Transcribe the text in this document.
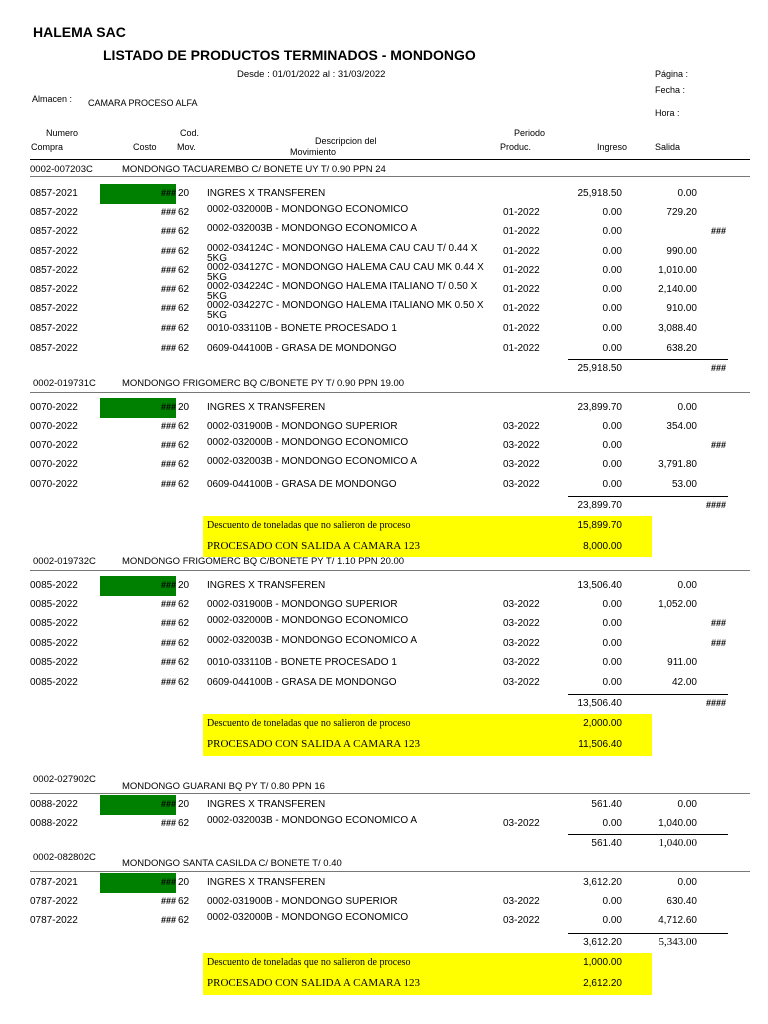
HALEMA SAC
LISTADO DE PRODUCTOS TERMINADOS - MONDONGO
Desde : 01/01/2022 al : 31/03/2022	Página :
Fecha :
Hora :
Almacen : CAMARA PROCESO ALFA
Numero
Compra	Costo
Cod.
Mov.
Descripcion del
Movimiento
Periodo
Produc.	Ingreso	Salida
0002-007203C	MONDONGO TACUAREMBO C/ BONETE UY T/ 0.90 PPN 24
0857-2021	### 20 INGRES X TRANSFEREN	25,918.50	0.00
0857-2022	### 62 0002-032000B - MONDONGO ECONOMICO	01-2022	0.00	729.20
0857-2022	### 62 0002-032003B - MONDONGO ECONOMICO A	01-2022	0.00	###
0857-2022	### 62 0002-034124C - MONDONGO HALEMA CAU CAU T/ 0.44 X 5KG
01-2022	0.00	990.00
0857-2022	### 62 0002-034127C - MONDONGO HALEMA CAU CAU MK 0.44 X 5KG
01-2022	0.00	1,010.00
0857-2022	### 62 0002-034224C - MONDONGO HALEMA ITALIANO T/ 0.50 X 5KG
01-2022	0.00	2,140.00
0857-2022	### 62 0002-034227C - MONDONGO HALEMA ITALIANO MK 0.50 X 5KG
01-2022	0.00	910.00
0857-2022	### 62 0010-033110B - BONETE PROCESADO 1	01-2022	0.00	3,088.40
0857-2022	### 62 0609-044100B - GRASA DE MONDONGO	01-2022	0.00	638.20
25,918.50	###
0002-019731C	MONDONGO FRIGOMERC BQ C/BONETE PY T/ 0.90 PPN 19.00
0070-2022	### 20 INGRES X TRANSFEREN	23,899.70	0.00
0070-2022	### 62 0002-031900B - MONDONGO SUPERIOR	03-2022	0.00	354.00
0070-2022	### 62 0002-032000B - MONDONGO ECONOMICO	03-2022	0.00	###
0070-2022	### 62 0002-032003B - MONDONGO ECONOMICO A	03-2022	0.00	3,791.80
0070-2022	### 62 0609-044100B - GRASA DE MONDONGO	03-2022	0.00	53.00
23,899.70	####
Descuento de toneladas que no salieron de proceso	15,899.70
PROCESADO CON SALIDA A CAMARA 123	8,000.00
0002-019732C	MONDONGO FRIGOMERC BQ C/BONETE PY T/ 1.10 PPN 20.00
0085-2022	### 20 INGRES X TRANSFEREN	13,506.40	0.00
0085-2022	### 62 0002-031900B - MONDONGO SUPERIOR	03-2022	0.00	1,052.00
0085-2022	### 62 0002-032000B - MONDONGO ECONOMICO	03-2022	0.00	###
0085-2022	### 62 0002-032003B - MONDONGO ECONOMICO A	03-2022	0.00	###
0085-2022	### 62 0010-033110B - BONETE PROCESADO 1	03-2022	0.00	911.00
0085-2022	### 62 0609-044100B - GRASA DE MONDONGO	03-2022	0.00	42.00
13,506.40	####
Descuento de toneladas que no salieron de proceso	2,000.00
PROCESADO CON SALIDA A CAMARA 123	11,506.40
0002-027902C
MONDONGO GUARANI BQ PY T/ 0.80 PPN 16
0088-2022	### 20 INGRES X TRANSFEREN	561.40	0.00
0088-2022	### 62 0002-032003B - MONDONGO ECONOMICO A	03-2022	0.00	1,040.00
561.40	1,040.00
0002-082802C
MONDONGO SANTA CASILDA C/ BONETE T/ 0.40
0787-2021	### 20 INGRES X TRANSFEREN	3,612.20	0.00
0787-2022	### 62 0002-031900B - MONDONGO SUPERIOR	03-2022	0.00	630.40
0787-2022	### 62 0002-032000B - MONDONGO ECONOMICO	03-2022	0.00	4,712.60
3,612.20	5,343.00
Descuento de toneladas que no salieron de proceso	1,000.00
PROCESADO CON SALIDA A CAMARA 123	2,612.20
